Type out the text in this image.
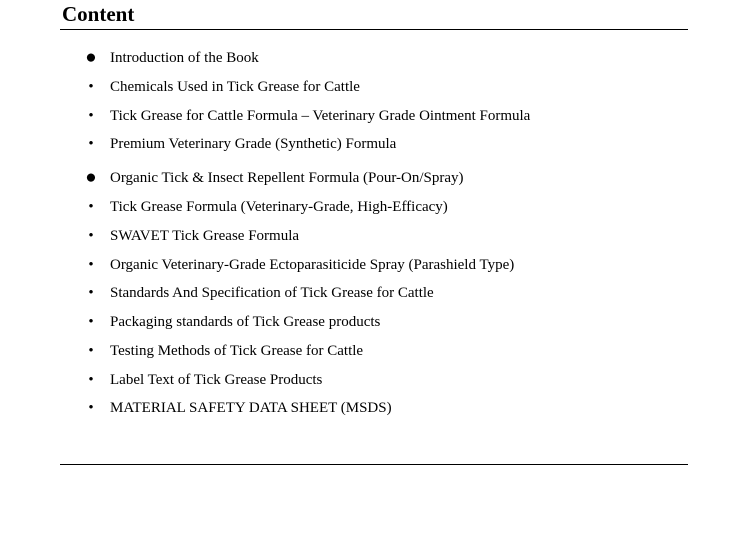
Content
● Introduction of the Book
• Chemicals Used in Tick Grease for Cattle
• Tick Grease for Cattle Formula – Veterinary Grade Ointment Formula
• Premium Veterinary Grade (Synthetic) Formula
● Organic Tick & Insect Repellent Formula (Pour-On/Spray)
• Tick Grease Formula (Veterinary-Grade, High-Efficacy)
• SWAVET Tick Grease Formula
• Organic Veterinary-Grade Ectoparasiticide Spray (Parashield Type)
• Standards And Specification of Tick Grease for Cattle
• Packaging standards of Tick Grease products
• Testing Methods of Tick Grease for Cattle
• Label Text of Tick Grease Products
• MATERIAL SAFETY DATA SHEET (MSDS)
